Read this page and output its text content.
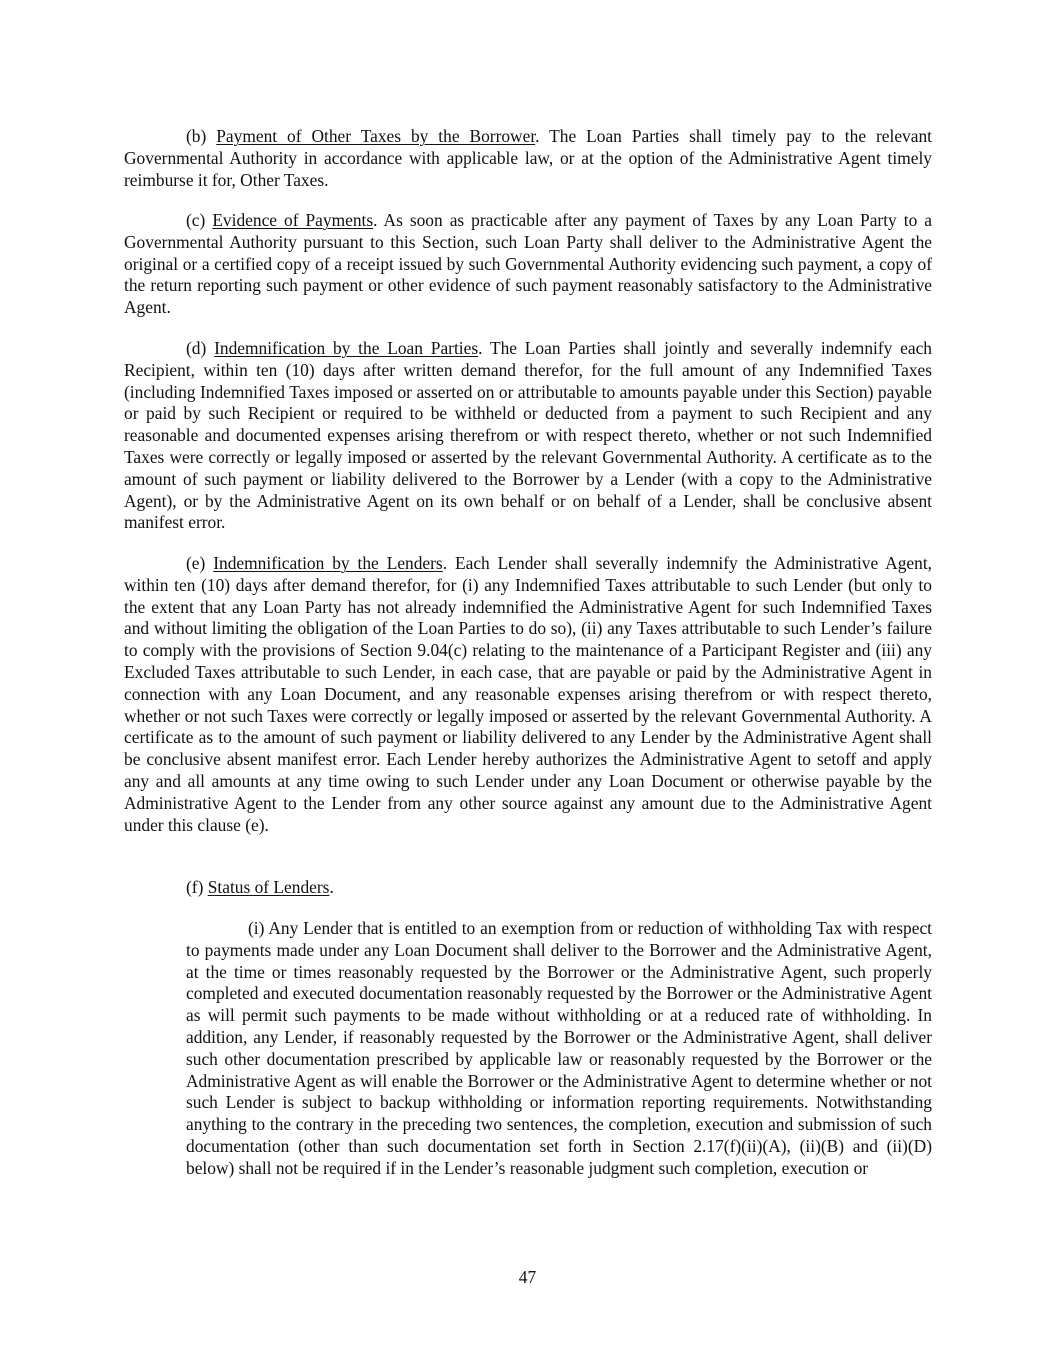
(b) Payment of Other Taxes by the Borrower. The Loan Parties shall timely pay to the relevant Governmental Authority in accordance with applicable law, or at the option of the Administrative Agent timely reimburse it for, Other Taxes.

(c) Evidence of Payments. As soon as practicable after any payment of Taxes by any Loan Party to a Governmental Authority pursuant to this Section, such Loan Party shall deliver to the Administrative Agent the original or a certified copy of a receipt issued by such Governmental Authority evidencing such payment, a copy of the return reporting such payment or other evidence of such payment reasonably satisfactory to the Administrative Agent.

(d) Indemnification by the Loan Parties. The Loan Parties shall jointly and severally indemnify each Recipient, within ten (10) days after written demand therefor, for the full amount of any Indemnified Taxes (including Indemnified Taxes imposed or asserted on or attributable to amounts payable under this Section) payable or paid by such Recipient or required to be withheld or deducted from a payment to such Recipient and any reasonable and documented expenses arising therefrom or with respect thereto, whether or not such Indemnified Taxes were correctly or legally imposed or asserted by the relevant Governmental Authority. A certificate as to the amount of such payment or liability delivered to the Borrower by a Lender (with a copy to the Administrative Agent), or by the Administrative Agent on its own behalf or on behalf of a Lender, shall be conclusive absent manifest error.

(e) Indemnification by the Lenders. Each Lender shall severally indemnify the Administrative Agent, within ten (10) days after demand therefor, for (i) any Indemnified Taxes attributable to such Lender (but only to the extent that any Loan Party has not already indemnified the Administrative Agent for such Indemnified Taxes and without limiting the obligation of the Loan Parties to do so), (ii) any Taxes attributable to such Lender’s failure to comply with the provisions of Section 9.04(c) relating to the maintenance of a Participant Register and (iii) any Excluded Taxes attributable to such Lender, in each case, that are payable or paid by the Administrative Agent in connection with any Loan Document, and any reasonable expenses arising therefrom or with respect thereto, whether or not such Taxes were correctly or legally imposed or asserted by the relevant Governmental Authority. A certificate as to the amount of such payment or liability delivered to any Lender by the Administrative Agent shall be conclusive absent manifest error. Each Lender hereby authorizes the Administrative Agent to setoff and apply any and all amounts at any time owing to such Lender under any Loan Document or otherwise payable by the Administrative Agent to the Lender from any other source against any amount due to the Administrative Agent under this clause (e).

(f) Status of Lenders.

(i) Any Lender that is entitled to an exemption from or reduction of withholding Tax with respect to payments made under any Loan Document shall deliver to the Borrower and the Administrative Agent, at the time or times reasonably requested by the Borrower or the Administrative Agent, such properly completed and executed documentation reasonably requested by the Borrower or the Administrative Agent as will permit such payments to be made without withholding or at a reduced rate of withholding. In addition, any Lender, if reasonably requested by the Borrower or the Administrative Agent, shall deliver such other documentation prescribed by applicable law or reasonably requested by the Borrower or the Administrative Agent as will enable the Borrower or the Administrative Agent to determine whether or not such Lender is subject to backup withholding or information reporting requirements. Notwithstanding anything to the contrary in the preceding two sentences, the completion, execution and submission of such documentation (other than such documentation set forth in Section 2.17(f)(ii)(A), (ii)(B) and (ii)(D) below) shall not be required if in the Lender’s reasonable judgment such completion, execution or

47
